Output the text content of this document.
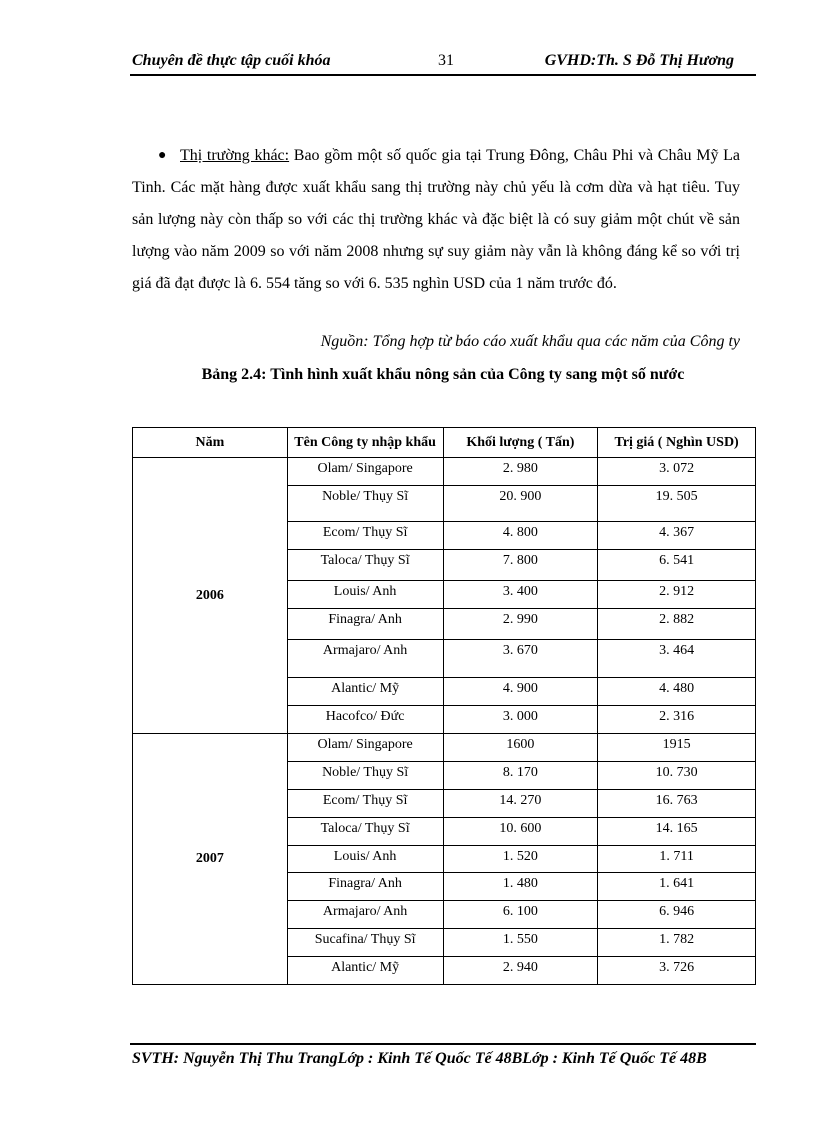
Chuyên đề thực tập cuối khóa	31	GVHD:Th. S Đỗ Thị Hương
● Thị trường khác: Bao gồm một số quốc gia tại Trung Đông, Châu Phi và Châu Mỹ La Tinh. Các mặt hàng được xuất khẩu sang thị trường này chủ yếu là cơm dừa và hạt tiêu. Tuy sản lượng này còn thấp so với các thị trường khác và đặc biệt là có suy giảm một chút về sản lượng vào năm 2009 so với năm 2008 nhưng sự suy giảm này vẫn là không đáng kể so với trị giá đã đạt được là 6. 554 tăng so với 6. 535 nghìn USD của 1 năm trước đó.
Nguồn: Tổng hợp từ báo cáo xuất khẩu qua các năm của Công ty
Bảng 2.4: Tình hình xuất khẩu nông sản của Công ty sang một số nước
Năm	Tên Công ty nhập khẩu	Khối lượng ( Tấn)	Trị giá ( Nghìn USD)
2006	Olam/ Singapore	2. 980	3. 072
	Noble/ Thụy Sĩ	20. 900	19. 505
	Ecom/ Thụy Sĩ	4. 800	4. 367
	Taloca/ Thụy Sĩ	7. 800	6. 541
	Louis/ Anh	3. 400	2. 912
	Finagra/ Anh	2. 990	2. 882
	Armajaro/ Anh	3. 670	3. 464
	Alantic/ Mỹ	4. 900	4. 480
	Hacofco/ Đức	3. 000	2. 316
2007	Olam/ Singapore	1600	1915
	Noble/ Thụy Sĩ	8. 170	10. 730
	Ecom/ Thụy Sĩ	14. 270	16. 763
	Taloca/ Thụy Sĩ	10. 600	14. 165
	Louis/ Anh	1. 520	1. 711
	Finagra/ Anh	1. 480	1. 641
	Armajaro/ Anh	6. 100	6. 946
	Sucafina/ Thụy Sĩ	1. 550	1. 782
	Alantic/ Mỹ	2. 940	3. 726
SVTH: Nguyễn Thị Thu TrangLớp : Kinh Tế Quốc Tế 48BLớp : Kinh Tế Quốc Tế 48B
